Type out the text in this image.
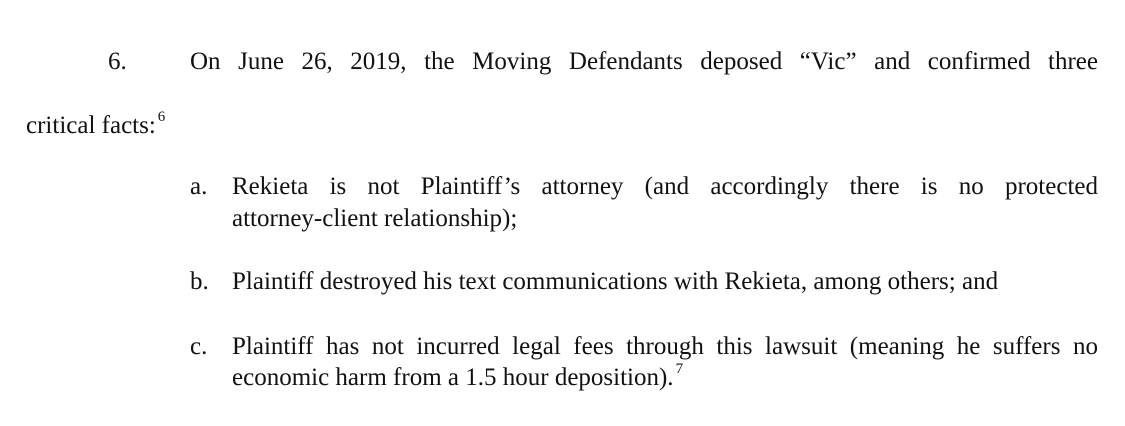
6.	On June 26, 2019, the Moving Defendants deposed “Vic” and confirmed three
critical facts: $^6$
a. Rekieta is not Plaintiff’s attorney (and accordingly there is no protected
attorney-client relationship);
b. Plaintiff destroyed his text communications with Rekieta, among others; and
c. Plaintiff has not incurred legal fees through this lawsuit (meaning he suffers no
economic harm from a 1.5 hour deposition). $^7$
